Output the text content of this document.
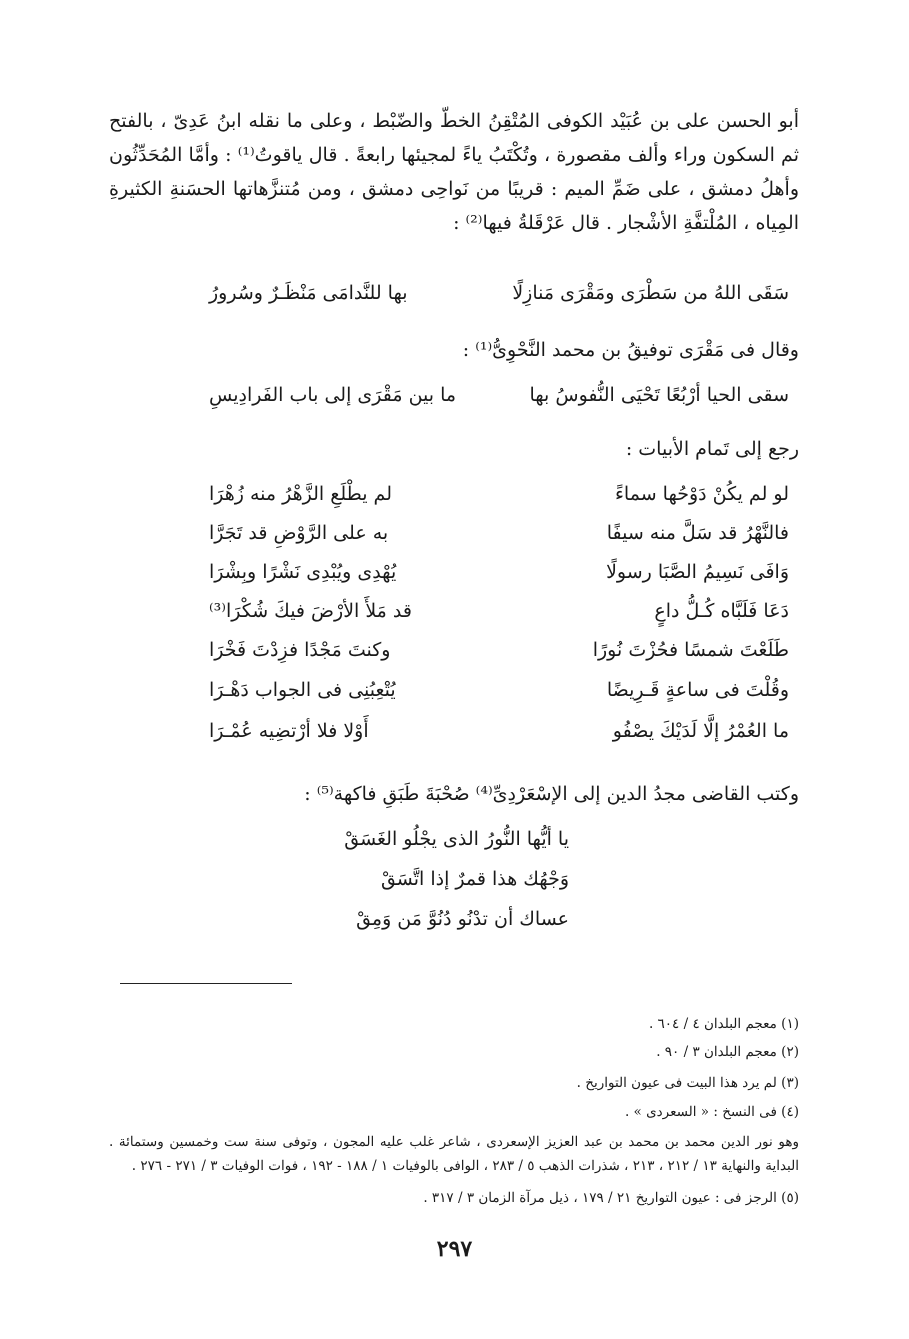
أبو الحسن على بن عُبَيْد الكوفى المُتْقِنُ الخطّ والضّبْط ، وعلى ما نقله ابنُ عَدِىّ ، بالفتح ثم السكون وراء وألف مقصورة ، وتُكْتَبُ ياءً لمجيئها رابعةً . قال ياقوتُ⁽¹⁾ : وأمَّا المُحَدِّثُون وأهلُ دمشق ، على ضَمِّ الميم : قريبًا من نَواحِى دمشق ، ومن مُتنزَّهاتها الحسَنةِ الكثيرةِ المِياه ، المُلْتفَّةِ الأشْجار . قال عَرْقَلةُ فيها⁽²⁾ :
سَقَى اللهُ من سَطْرَى ومَقْرَى مَنازِلًا
بها للنَّدامَى مَنْظَـرٌ وسُرورُ
وقال فى مَقْرَى توفيقُ بن محمد النَّحْوِىُّ⁽¹⁾ :
سقى الحيا أرْبُعًا تَحْيَى النُّفوسُ بها
ما بين مَقْرَى إلى باب الفَرادِيسِ
رجع إلى تَمام الأبيات :
لو لم يكُنْ دَوْحُها سماءً
لم يطْلَعِ الزَّهْرُ منه زُهْرَا
فالنَّهْرُ قد سَلَّ منه سيفًا
به على الرَّوْضِ قد تَجَرَّا
وَافَى نَسِيمُ الصَّبَا رسولًا
يُهْدِى ويُبْدِى نَشْرًا وبِشْرَا
دَعَا فَلَبَّاه كُـلُّ داعٍ
قد مَلأَ الأرْضَ فيكَ شُكْرَا⁽³⁾
طَلَعْتَ شمسًا فحُزْتَ نُورًا
وكنتَ مَجْدًا فزِدْتَ فَخْرَا
وقُلْتَ فى ساعةٍ قَـرِيضًا
يُتْعِبُنِى فى الجواب دَهْـرَا
ما العُمْرُ إلَّا لَدَيْكَ يصْفُو
أَوْلا فلا أرْتضِيه عُمْـرَا
وكتب القاضى مجدُ الدين إلى الإسْعَرْدِىِّ⁽⁴⁾ صُحْبَةَ طَبَقِ فاكهة⁽⁵⁾ :
يا أيُّها النُّورُ الذى يجْلُو الغَسَقْ
وَجْهُك هذا قمرٌ إذا اتَّسَقْ
عساك أن تدْنُو دُنُوَّ مَن وَمِقْ
(١) معجم البلدان ٤ / ٦٠٤ .
(٢) معجم البلدان ٣ / ٩٠ .
(٣) لم يرد هذا البيت فى عيون التواريخ .
(٤) فى النسخ : « السعردى » .
وهو نور الدين محمد بن محمد بن عبد العزيز الإسعردى ، شاعر غلب عليه المجون ، وتوفى سنة ست وخمسين وستمائة . البداية والنهاية ١٣ / ٢١٢ ، ٢١٣ ، شذرات الذهب ٥ / ٢٨٣ ، الوافى بالوفيات ١ / ١٨٨ - ١٩٢ ، فوات الوفيات ٣ / ٢٧١ - ٢٧٦ .
(٥) الرجز فى : عيون التواريخ ٢١ / ١٧٩ ، ذيل مرآة الزمان ٣ / ٣١٧ .
٢٩٧
